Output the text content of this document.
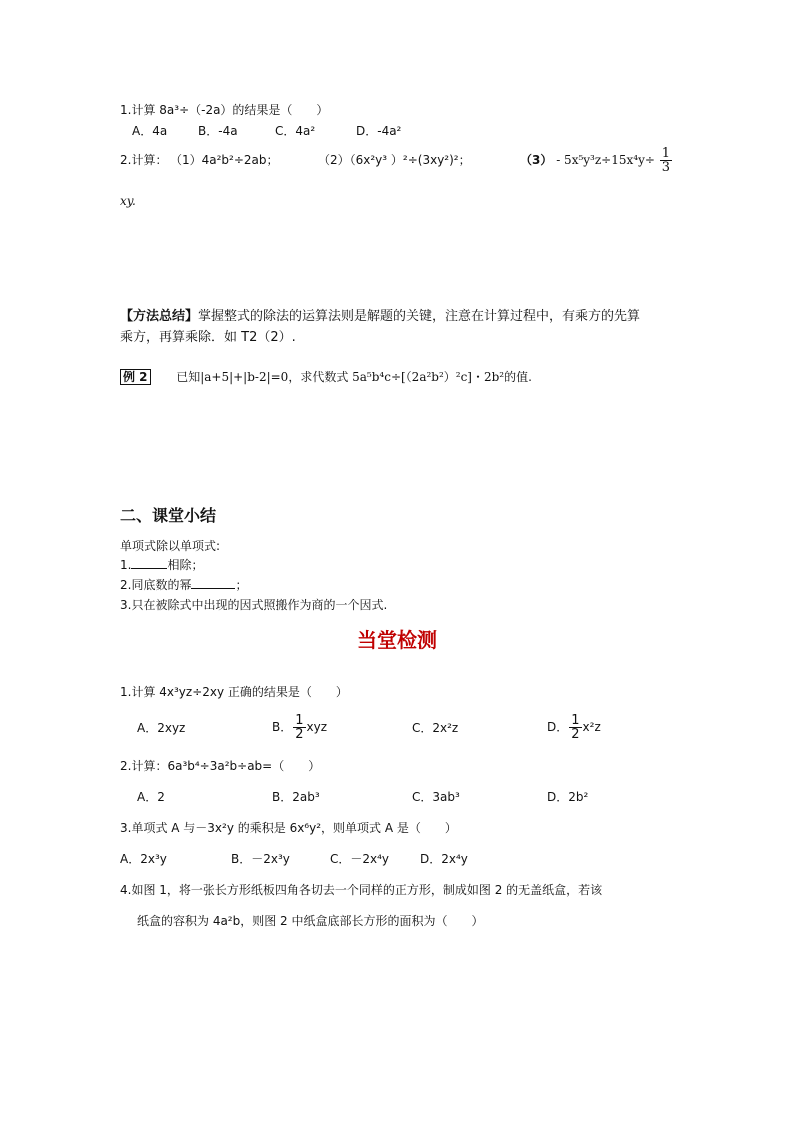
1.计算 8a³÷（-2a）的结果是（　　）
A．4a	B．-4a	C．4a²	D．-4a²
2.计算： （1）4a²b²÷2ab；	（2）（6x²y³ ）²÷(3xy²)²；	$(3) - 5x^5y^3z\div 15x^4y\div \frac{1}{3}$
xy.
【方法总结】掌握整式的除法的运算法则是解题的关键，注意在计算过程中，有乘方的先算
乘方，再算乘除．如 T2（2）.
例 2 已知|a+5|+|b-2|=0，求代数式 5a⁵b⁴c÷[（2a²b²）²c]・2b²的值.
二、课堂小结
单项式除以单项式:
1.	相除；
2.同底数的幂	；
3.只在被除式中出现的因式照搬作为商的一个因式.
当堂检测
1.计算 4x³yz÷2xy 正确的结果是（　　）
A．2xyz	B． $\frac{1}{2}$ xyz	C．2x²z	D． $\frac{1}{2} x^2z$
2.计算：6a³b⁴÷3a²b÷ab=（　　）
A．2	B．2ab³	C．3ab³	D．2b²
3.单项式 A 与－3x²y 的乘积是 6x⁶y²，则单项式 A 是（　　）
A．2x³y	B．－2x³y	C．－2x⁴y	D．2x⁴y
4.如图 1，将一张长方形纸板四角各切去一个同样的正方形，制成如图 2 的无盖纸盒，若该
纸盒的容积为 4a²b，则图 2 中纸盒底部长方形的面积为（　　）
